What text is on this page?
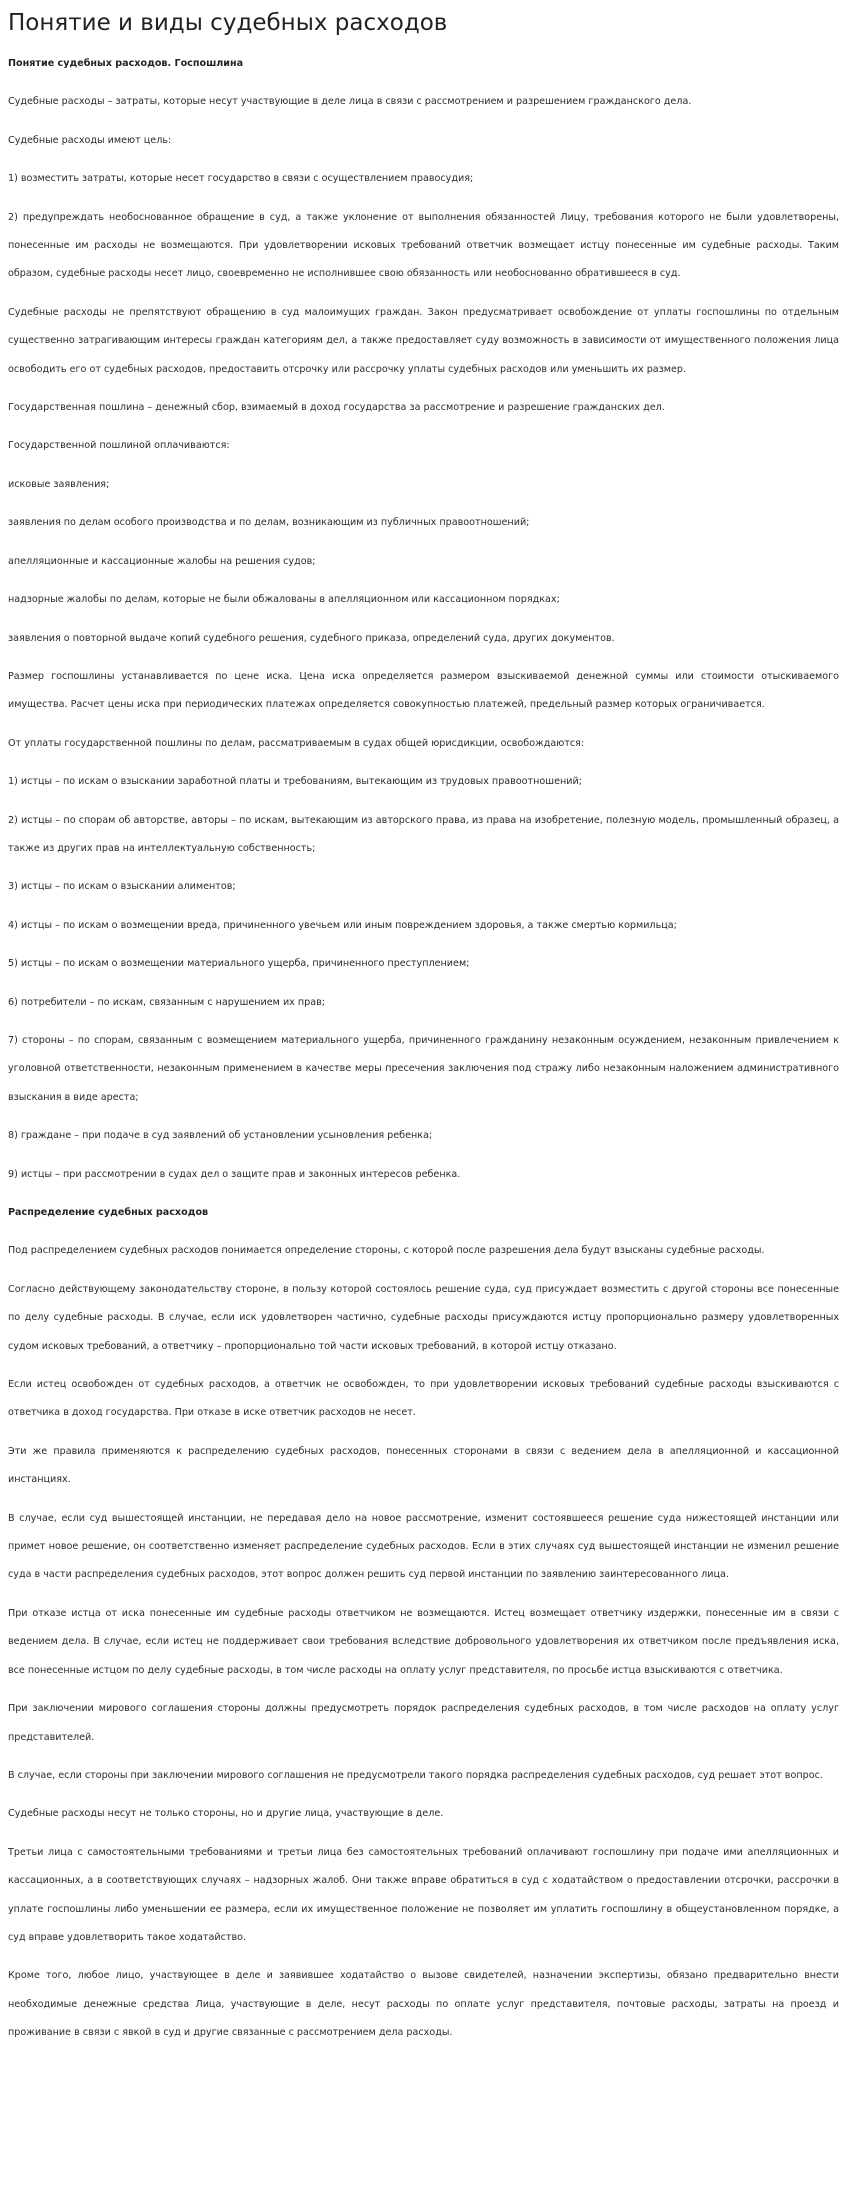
Понятие и виды судебных расходов
Понятие судебных расходов. Госпошлина

Судебные расходы – затраты, которые несут участвующие в деле лица в связи с рассмотрением и разрешением гражданского дела.

Судебные расходы имеют цель:

1) возместить затраты, которые несет государство в связи с осуществлением правосудия;

2) предупреждать необоснованное обращение в суд, а также уклонение от выполнения обязанностей Лицу, требования которого не были удовлетворены, понесенные им расходы не возмещаются. При удовлетворении исковых требований ответчик возмещает истцу понесенные им судебные расходы. Таким образом, судебные расходы несет лицо, своевременно не исполнившее свою обязанность или необоснованно обратившееся в суд.

Судебные расходы не препятствуют обращению в суд малоимущих граждан. Закон предусматривает освобождение от уплаты госпошлины по отдельным существенно затрагивающим интересы граждан категориям дел, а также предоставляет суду возможность в зависимости от имущественного положения лица освободить его от судебных расходов, предоставить отсрочку или рассрочку уплаты судебных расходов или уменьшить их размер.

Государственная пошлина – денежный сбор, взимаемый в доход государства за рассмотрение и разрешение гражданских дел.

Государственной пошлиной оплачиваются:

исковые заявления;

заявления по делам особого производства и по делам, возникающим из публичных правоотношений;

апелляционные и кассационные жалобы на решения судов;

надзорные жалобы по делам, которые не были обжалованы в апелляционном или кассационном порядках;

заявления о повторной выдаче копий судебного решения, судебного приказа, определений суда, других документов.

Размер госпошлины устанавливается по цене иска. Цена иска определяется размером взыскиваемой денежной суммы или стоимости отыскиваемого имущества. Расчет цены иска при периодических платежах определяется совокупностью платежей, предельный размер которых ограничивается.

От уплаты государственной пошлины по делам, рассматриваемым в судах общей юрисдикции, освобождаются:

1) истцы – по искам о взыскании заработной платы и требованиям, вытекающим из трудовых правоотношений;

2) истцы – по спорам об авторстве, авторы – по искам, вытекающим из авторского права, из права на изобретение, полезную модель, промышленный образец, а также из других прав на интеллектуальную собственность;

3) истцы – по искам о взыскании алиментов;

4) истцы – по искам о возмещении вреда, причиненного увечьем или иным повреждением здоровья, а также смертью кормильца;

5) истцы – по искам о возмещении материального ущерба, причиненного преступлением;

6) потребители – по искам, связанным с нарушением их прав;

7) стороны – по спорам, связанным с возмещением материального ущерба, причиненного гражданину незаконным осуждением, незаконным привлечением к уголовной ответственности, незаконным применением в качестве меры пресечения заключения под стражу либо незаконным наложением административного взыскания в виде ареста;

8) граждане – при подаче в суд заявлений об установлении усыновления ребенка;

9) истцы – при рассмотрении в судах дел о защите прав и законных интересов ребенка.

Распределение судебных расходов

Под распределением судебных расходов понимается определение стороны, с которой после разрешения дела будут взысканы судебные расходы.

Согласно действующему законодательству стороне, в пользу которой состоялось решение суда, суд присуждает возместить с другой стороны все понесенные по делу судебные расходы. В случае, если иск удовлетворен частично, судебные расходы присуждаются истцу пропорционально размеру удовлетворенных судом исковых требований, а ответчику – пропорционально той части исковых требований, в которой истцу отказано.

Если истец освобожден от судебных расходов, а ответчик не освобожден, то при удовлетворении исковых требований судебные расходы взыскиваются с ответчика в доход государства. При отказе в иске ответчик расходов не несет.

Эти же правила применяются к распределению судебных расходов, понесенных сторонами в связи с ведением дела в апелляционной и кассационной инстанциях.

В случае, если суд вышестоящей инстанции, не передавая дело на новое рассмотрение, изменит состоявшееся решение суда нижестоящей инстанции или примет новое решение, он соответственно изменяет распределение судебных расходов. Если в этих случаях суд вышестоящей инстанции не изменил решение суда в части распределения судебных расходов, этот вопрос должен решить суд первой инстанции по заявлению заинтересованного лица.

При отказе истца от иска понесенные им судебные расходы ответчиком не возмещаются. Истец возмещает ответчику издержки, понесенные им в связи с ведением дела. В случае, если истец не поддерживает свои требования вследствие добровольного удовлетворения их ответчиком после предъявления иска, все понесенные истцом по делу судебные расходы, в том числе расходы на оплату услуг представителя, по просьбе истца взыскиваются с ответчика.

При заключении мирового соглашения стороны должны предусмотреть порядок распределения судебных расходов, в том числе расходов на оплату услуг представителей.

В случае, если стороны при заключении мирового соглашения не предусмотрели такого порядка распределения судебных расходов, суд решает этот вопрос.

Судебные расходы несут не только стороны, но и другие лица, участвующие в деле.

Третьи лица с самостоятельными требованиями и третьи лица без самостоятельных требований оплачивают госпошлину при подаче ими апелляционных и кассационных, а в соответствующих случаях – надзорных жалоб. Они также вправе обратиться в суд с ходатайством о предоставлении отсрочки, рассрочки в уплате госпошлины либо уменьшении ее размера, если их имущественное положение не позволяет им уплатить госпошлину в общеустановленном порядке, а суд вправе удовлетворить такое ходатайство.

Кроме того, любое лицо, участвующее в деле и заявившее ходатайство о вызове свидетелей, назначении экспертизы, обязано предварительно внести необходимые денежные средства Лица, участвующие в деле, несут расходы по оплате услуг представителя, почтовые расходы, затраты на проезд и проживание в связи с явкой в суд и другие связанные с рассмотрением дела расходы.
